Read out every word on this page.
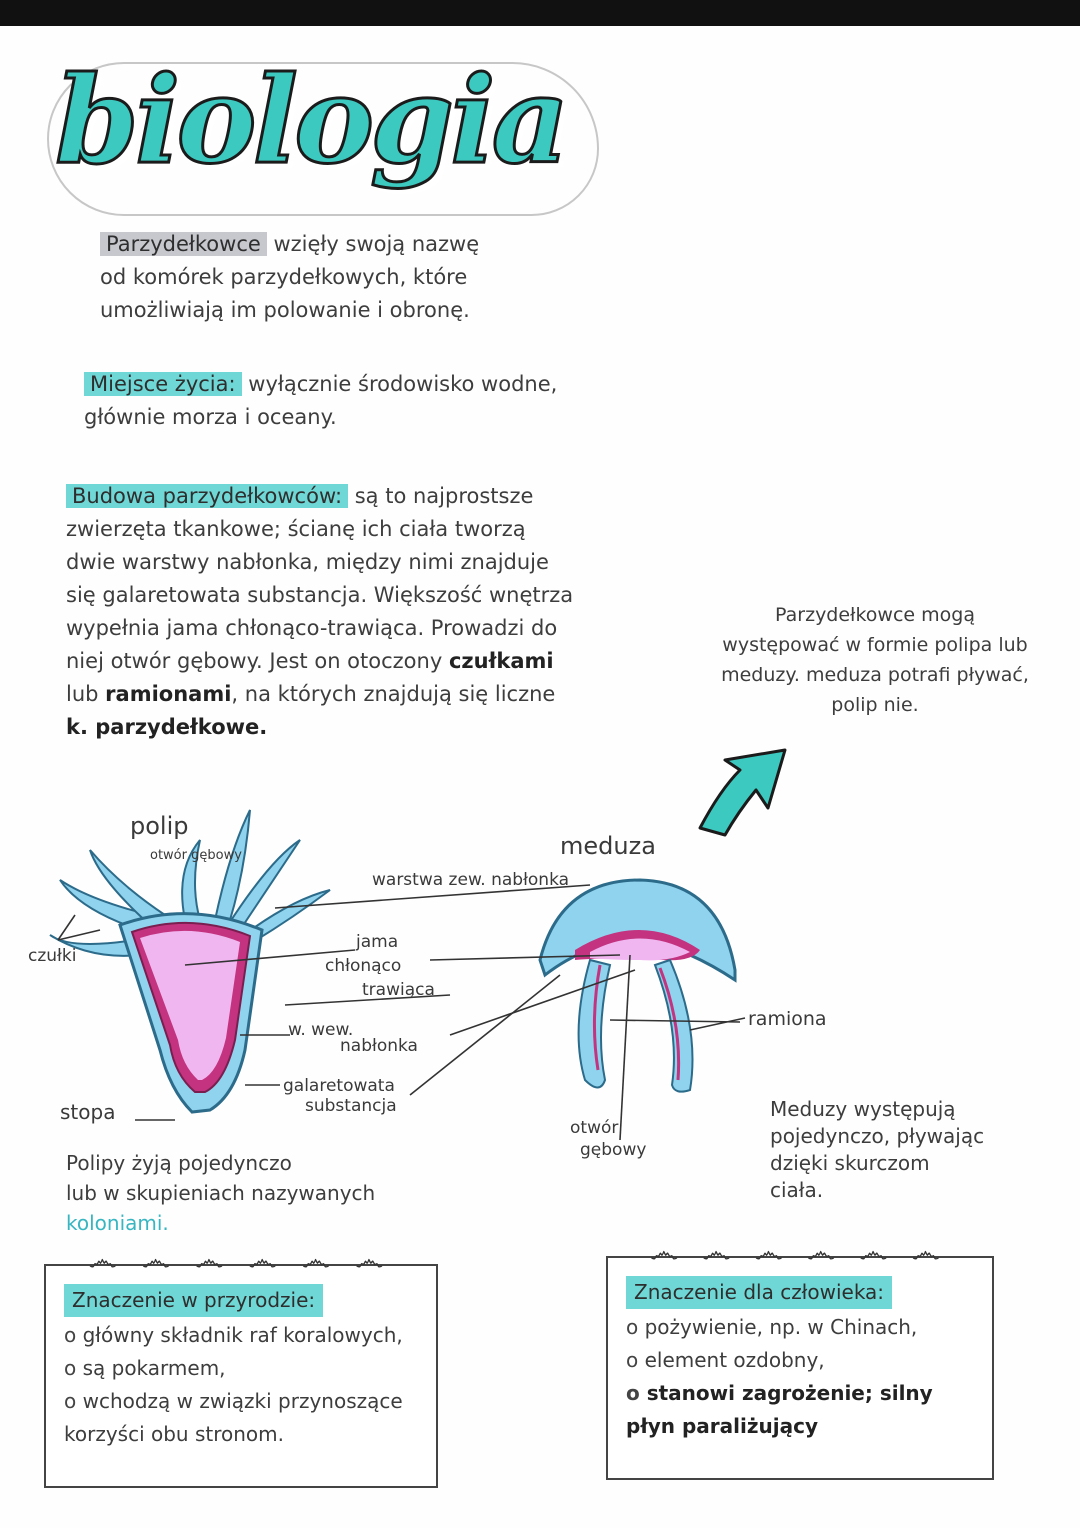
biologia
Parzydełkowce wzięły swoją nazwę
od komórek parzydełkowych, które
umożliwiają im polowanie i obronę.
Miejsce życia: wyłącznie środowisko wodne,
głównie morza i oceany.
Budowa parzydełkowców: są to najprostsze
zwierzęta tkankowe; ścianę ich ciała tworzą
dwie warstwy nabłonka, między nimi znajduje
się galaretowata substancja. Większość wnętrza
wypełnia jama chłonąco-trawiąca. Prowadzi do
niej otwór gębowy. Jest on otoczony czułkami
lub ramionami, na których znajdują się liczne
k. parzydełkowe.
Parzydełkowce mogą
występować w formie polipa lub
meduzy. meduza potrafi pływać,
polip nie.
polip
otwór gębowy
czułki
stopa
meduza
warstwa zew. nabłonka
jama
chłonąco
trawiąca
w. wew.
nabłonka
galaretowata
substancja
ramiona
otwór
gębowy
Polipy żyją pojedynczo
lub w skupieniach nazywanych
koloniami.
Meduzy występują
pojedynczo, pływając
dzięki skurczom
ciała.
෴ ෴ ෴ ෴ ෴ ෴
Znaczenie w przyrodzie:
o główny składnik raf koralowych,
o są pokarmem,
o wchodzą w związki przynoszące korzyści obu stronom.
෴ ෴ ෴ ෴ ෴ ෴
Znaczenie dla człowieka:
o pożywienie, np. w Chinach,
o element ozdobny,
o stanowi zagrożenie; silny płyn paraliżujący
